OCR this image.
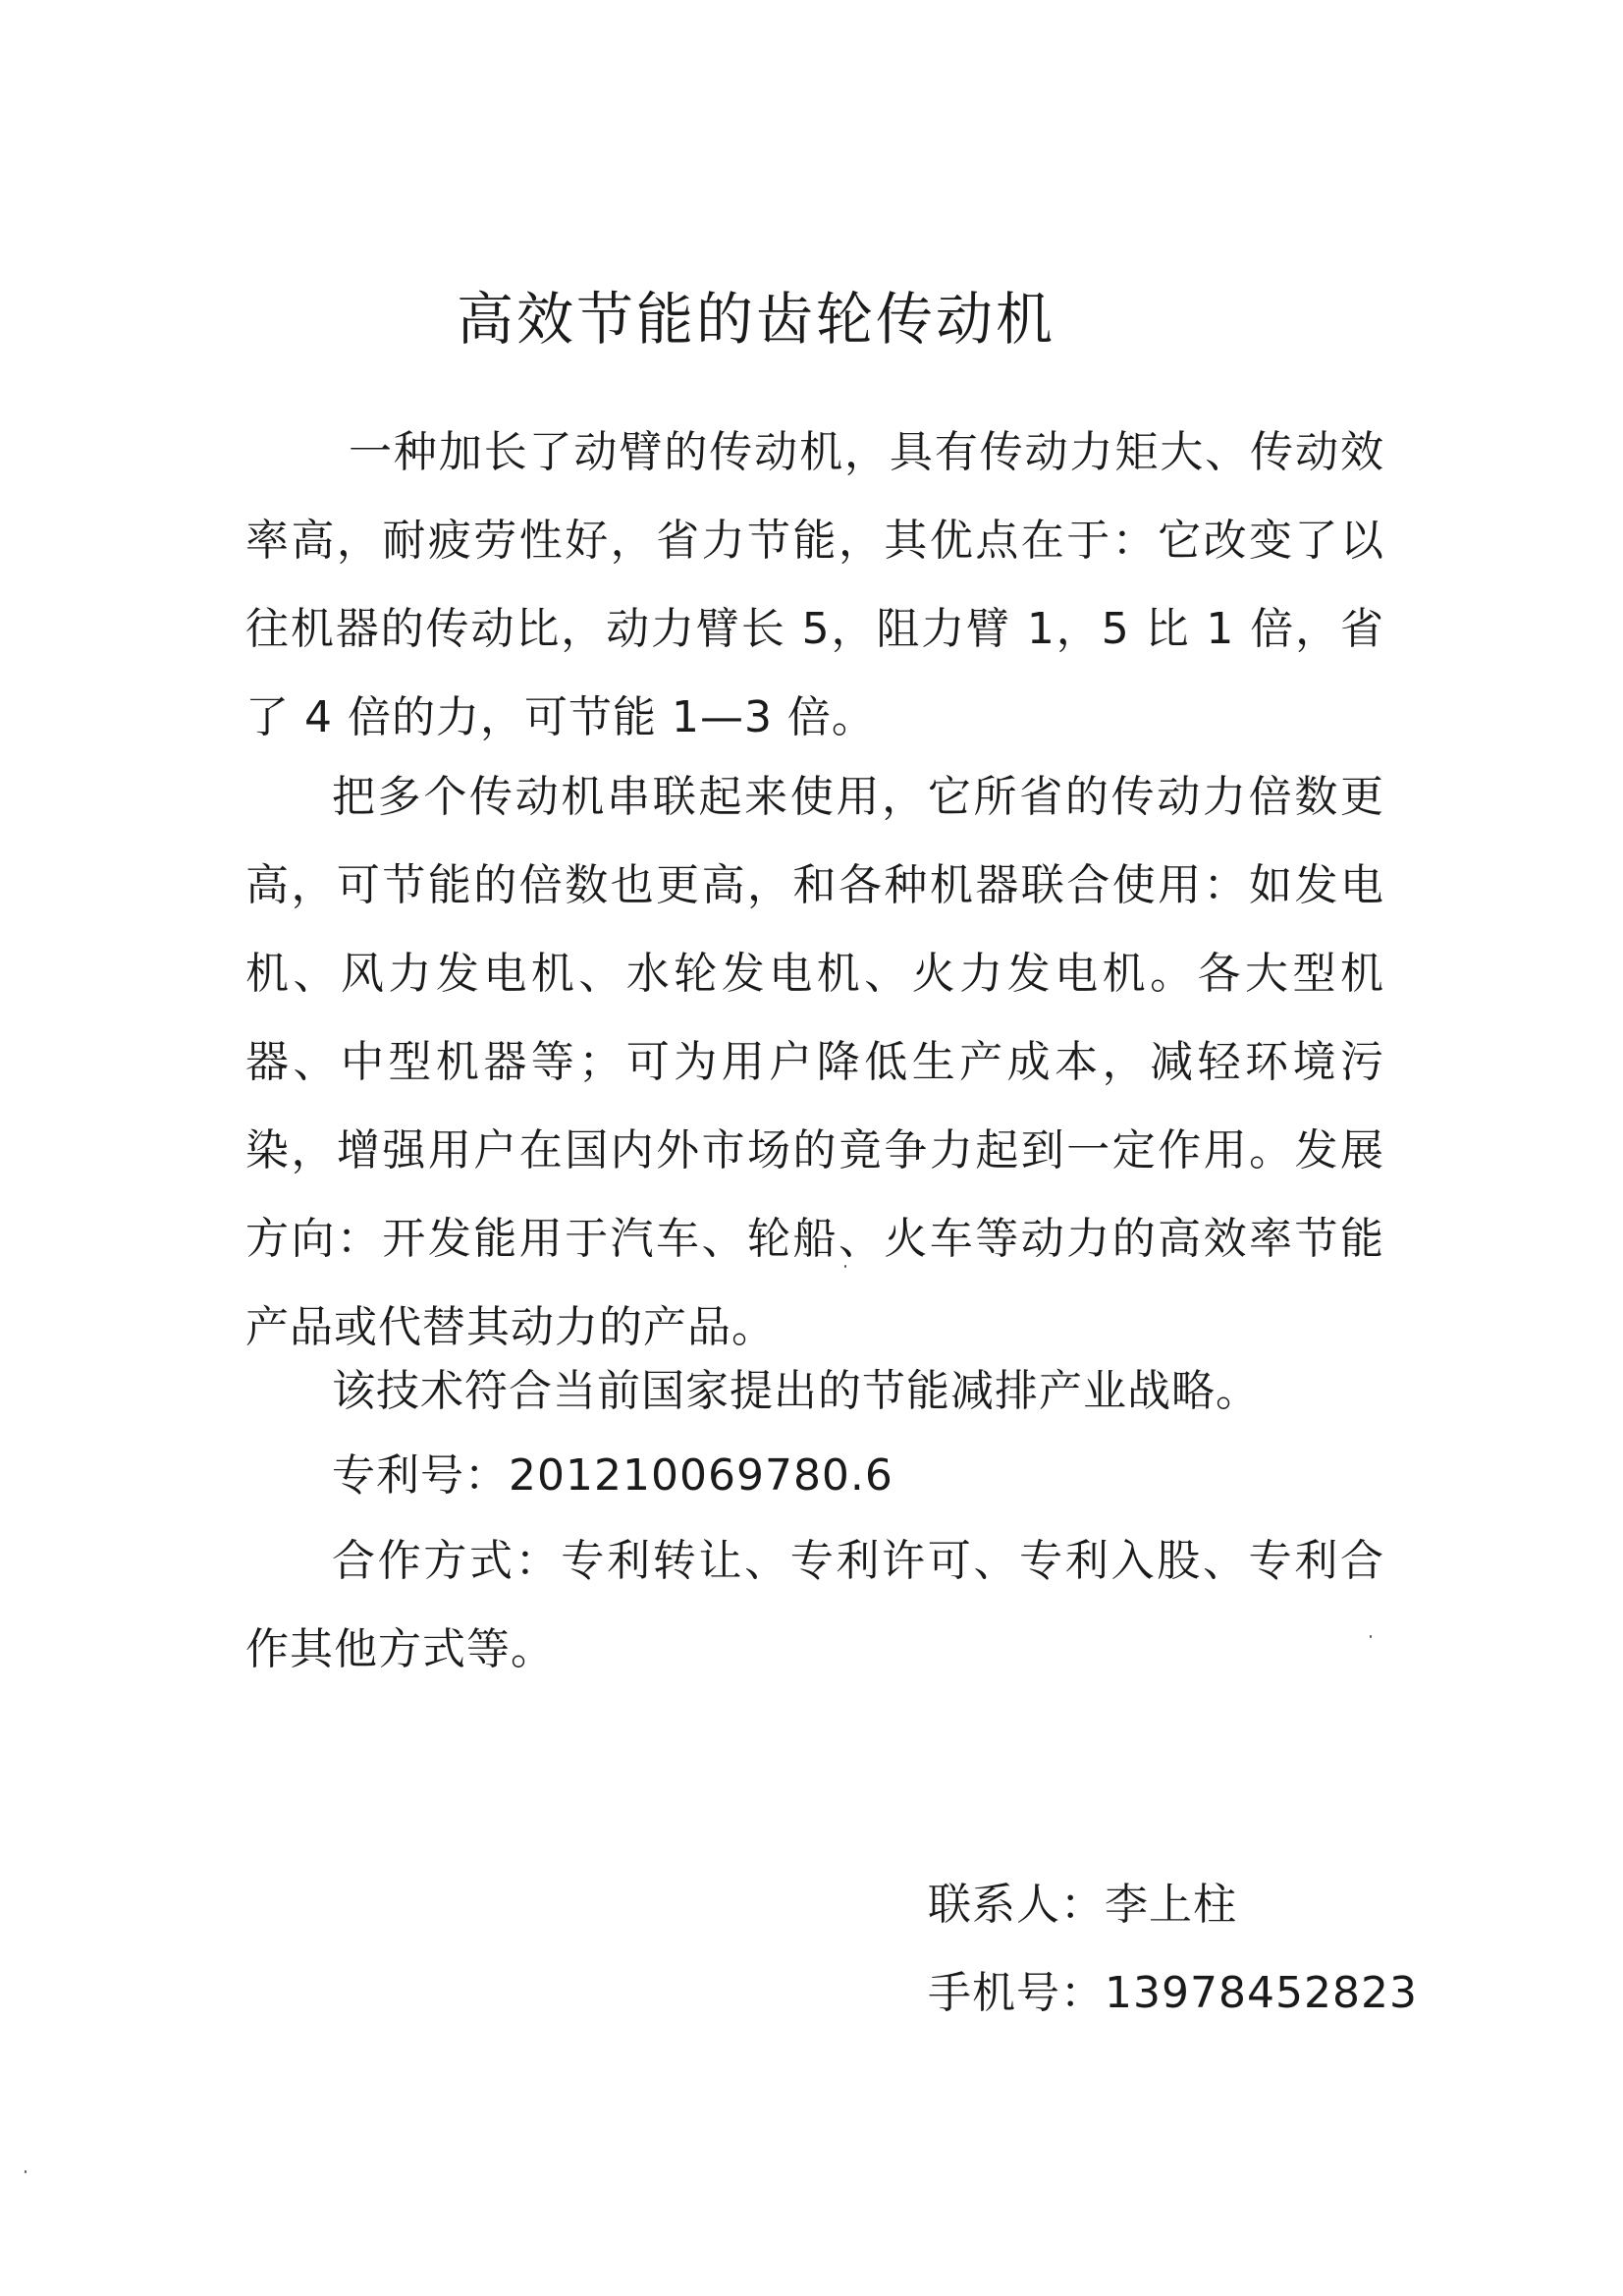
高效节能的齿轮传动机

一种加长了动臂的传动机，具有传动力矩大、传动效率高，耐疲劳性好，省力节能，其优点在于：它改变了以往机器的传动比，动力臂长 5，阻力臂 1，5 比 1 倍，省了 4 倍的力，可节能 1—3 倍。

把多个传动机串联起来使用，它所省的传动力倍数更高，可节能的倍数也更高，和各种机器联合使用：如发电机、风力发电机、水轮发电机、火力发电机。各大型机器、中型机器等；可为用户降低生产成本，减轻环境污染，增强用户在国内外市场的竟争力起到一定作用。发展方向：开发能用于汽车、轮船、火车等动力的高效率节能产品或代替其动力的产品。

该技术符合当前国家提出的节能减排产业战略。

专利号：201210069780.6

合作方式：专利转让、专利许可、专利入股、专利合作其他方式等。

联系人：李上柱
手机号：13978452823
